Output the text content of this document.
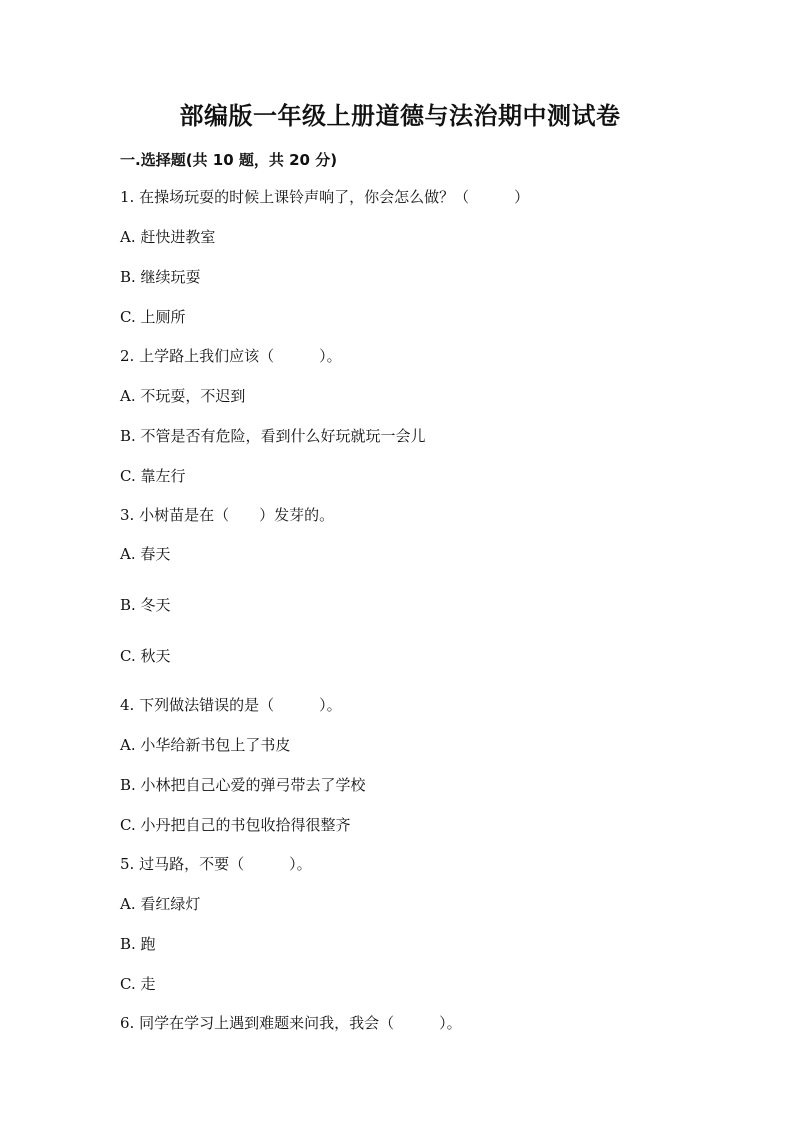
部编版一年级上册道德与法治期中测试卷
一.选择题(共 10 题，共 20 分)
1. 在操场玩耍的时候上课铃声响了，你会怎么做？（　　　）
A. 赶快进教室
B. 继续玩耍
C. 上厕所
2. 上学路上我们应该（　　　）。
A. 不玩耍，不迟到
B. 不管是否有危险，看到什么好玩就玩一会儿
C. 靠左行
3. 小树苗是在（　　）发芽的。
A. 春天
B. 冬天
C. 秋天
4. 下列做法错误的是（　　　）。
A. 小华给新书包上了书皮
B. 小林把自己心爱的弹弓带去了学校
C. 小丹把自己的书包收拾得很整齐
5. 过马路，不要（　　　）。
A. 看红绿灯
B. 跑
C. 走
6. 同学在学习上遇到难题来问我，我会（　　　）。
